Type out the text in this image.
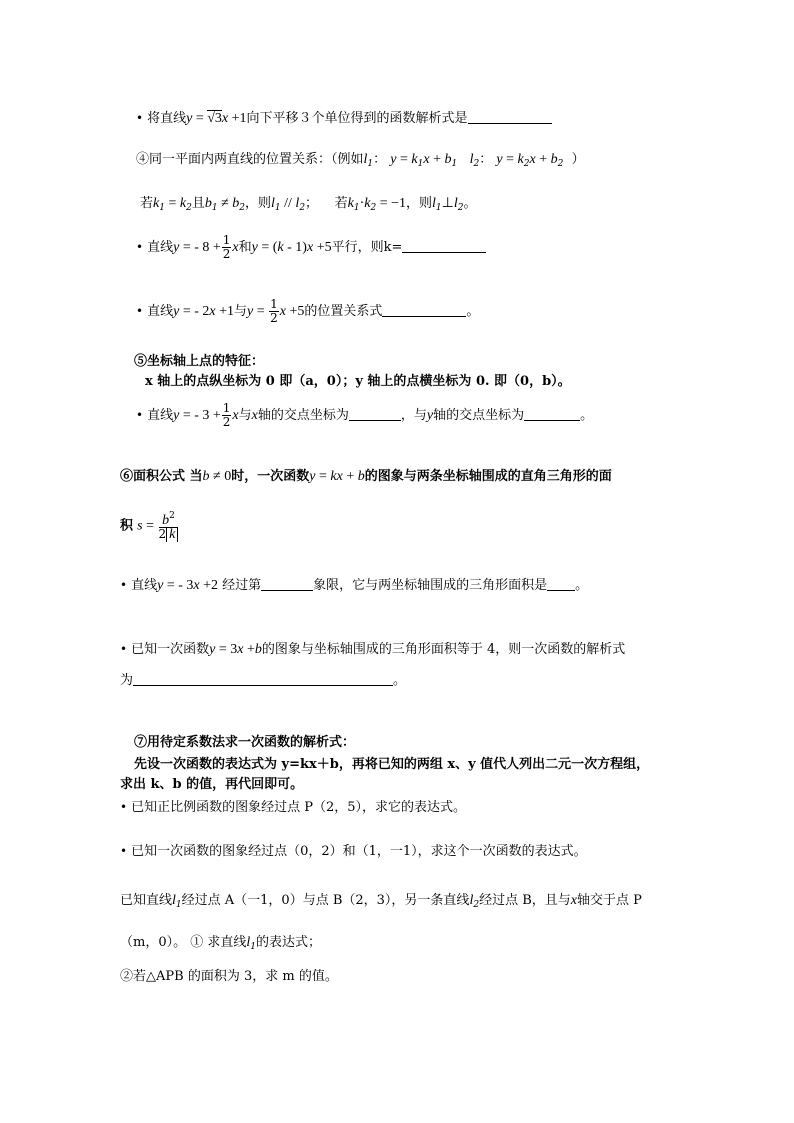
• 将直线y = √3x +1向下平移３个单位得到的函数解析式是
④同一平面内两直线的位置关系：（例如$l_1$： $y = k_1x + b_1$ $l_2$： $y = k_2x + b_2$ ）
若$k_1 = k_2$且$b_1 \ne b_2$，则$l_1 // l_2$； 若$k_1\cdot k_2 = -1$，则$l_1\perp l_2$。
• 直线y = - $8 + \frac{1}{2}$ x和y = (k - 1)x +5平行，则k=
• 直线y = - 2x +1与$y = \frac{1}{2}$ x +5的位置关系式	。
⑤坐标轴上点的特征：
x 轴上的点纵坐标为 0 即（a，0）；y 轴上的点横坐标为 0. 即（0，b）。
• 直线y = - $3 + \frac{1}{2}$ x与x轴的交点坐标为	，与y轴的交点坐标为	。
⑥面积公式 当b ≠ 0时，一次函数y = kx + b的图象与两条坐标轴围成的直角三角形的面
积 $s = \frac{b^2}{2 k}$
• 直线y = - 3x +2 经过第	象限，它与两坐标轴围成的三角形面积是 。
• 已知一次函数y = 3x +b的图象与坐标轴围成的三角形面积等于 4，则一次函数的解析式
为	。
⑦用待定系数法求一次函数的解析式：
先设一次函数的表达式为 y=kx＋b，再将已知的两组 x、y 值代人列出二元一次方程组，
求出 k、b 的值，再代回即可。
• 已知正比例函数的图象经过点 P（2，5），求它的表达式。
• 已知一次函数的图象经过点（0，2）和（1，一1），求这个一次函数的表达式。
已知直线$l_1$经过点 A（一1，0）与点 B（2，3），另一条直线$l_2$经过点 B，且与x轴交于点 P
（m，0）。 ① 求直线$l_1$的表达式；
②若△APB 的面积为 3，求 m 的值。
